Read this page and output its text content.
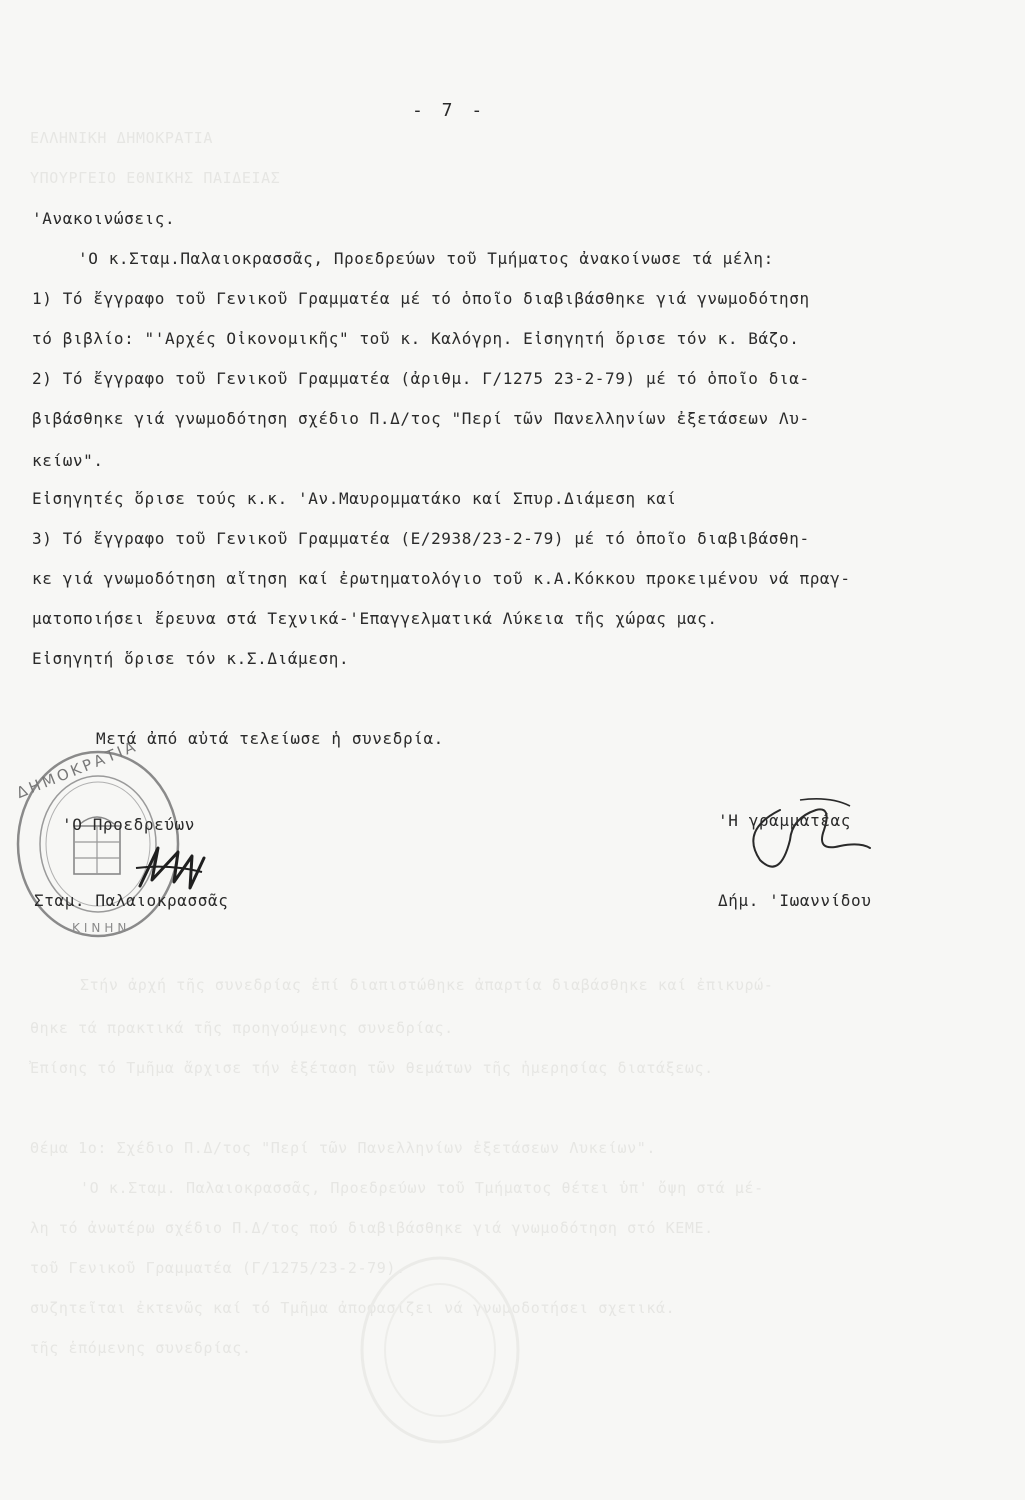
ΕΛΛΗΝΙΚΗ ΔΗΜΟΚΡΑΤΙΑ
ΥΠΟΥΡΓΕΙΟ ΕΘΝΙΚΗΣ ΠΑΙΔΕΙΑΣ
Στήν ἀρχή τῆς συνεδρίας ἐπί διαπιστώθηκε ἀπαρτία διαβάσθηκε καί ἐπικυρώ-
θηκε τά πρακτικά τῆς προηγούμενης συνεδρίας.
Ἐπίσης τό Τμῆμα ἄρχισε τήν ἐξέταση τῶν θεμάτων τῆς ἡμερησίας διατάξεως.
Θέμα 1ο: Σχέδιο Π.Δ/τος "Περί τῶν Πανελληνίων ἐξετάσεων Λυκείων".
'Ο κ.Σταμ. Παλαιοκρασσᾶς, Προεδρεύων τοῦ Τμήματος θέτει ὑπ' ὄψη στά μέ-
λη τό ἀνωτέρω σχέδιο Π.Δ/τος πού διαβιβάσθηκε γιά γνωμοδότηση στό ΚΕΜΕ.
τοῦ Γενικοῦ Γραμματέα (Γ/1275/23-2-79).
συζητεῖται ἐκτενῶς καί τό Τμῆμα ἀποφασίζει νά γνωμοδοτήσει σχετικά.
τῆς ἑπόμενης συνεδρίας.
- 7 -
'Ανακοινώσεις.
'Ο κ.Σταμ.Παλαιοκρασσᾶς, Προεδρεύων τοῦ Τμήματος ἀνακοίνωσε τά μέλη:
1) Τό ἔγγραφο τοῦ Γενικοῦ Γραμματέα μέ τό ὁποῖο διαβιβάσθηκε γιά γνωμοδότηση
τό βιβλίο: "'Αρχές Οἰκονομικῆς" τοῦ κ. Καλόγρη. Εἰσηγητή ὅρισε τόν κ. Βάζο.
2) Τό ἔγγραφο τοῦ Γενικοῦ Γραμματέα (ἀριθμ. Γ/1275 23-2-79) μέ τό ὁποῖο δια-
βιβάσθηκε γιά γνωμοδότηση σχέδιο Π.Δ/τος "Περί τῶν Πανελληνίων ἐξετάσεων Λυ-
κείων".
Εἰσηγητές ὅρισε τούς κ.κ. 'Αν.Μαυρομματάκο καί Σπυρ.Διάμεση καί
3) Τό ἔγγραφο τοῦ Γενικοῦ Γραμματέα (Ε/2938/23-2-79) μέ τό ὁποῖο διαβιβάσθη-
κε γιά γνωμοδότηση αἴτηση καί ἐρωτηματολόγιο τοῦ κ.Α.Κόκκου προκειμένου νά πραγ-
ματοποιήσει ἔρευνα στά Τεχνικά-'Επαγγελματικά Λύκεια τῆς χώρας μας.
Εἰσηγητή ὅρισε τόν κ.Σ.Διάμεση.
Μετά ἀπό αὐτά τελείωσε ἡ συνεδρία.
ΔΗΜΟΚΡΑΤΙΑ
ΚΙΝΗΝ
'Ο Προεδρεύων
Σταμ. Παλαιοκρασσᾶς
'Η γραμματέας
Δήμ. 'Ιωαννίδου
